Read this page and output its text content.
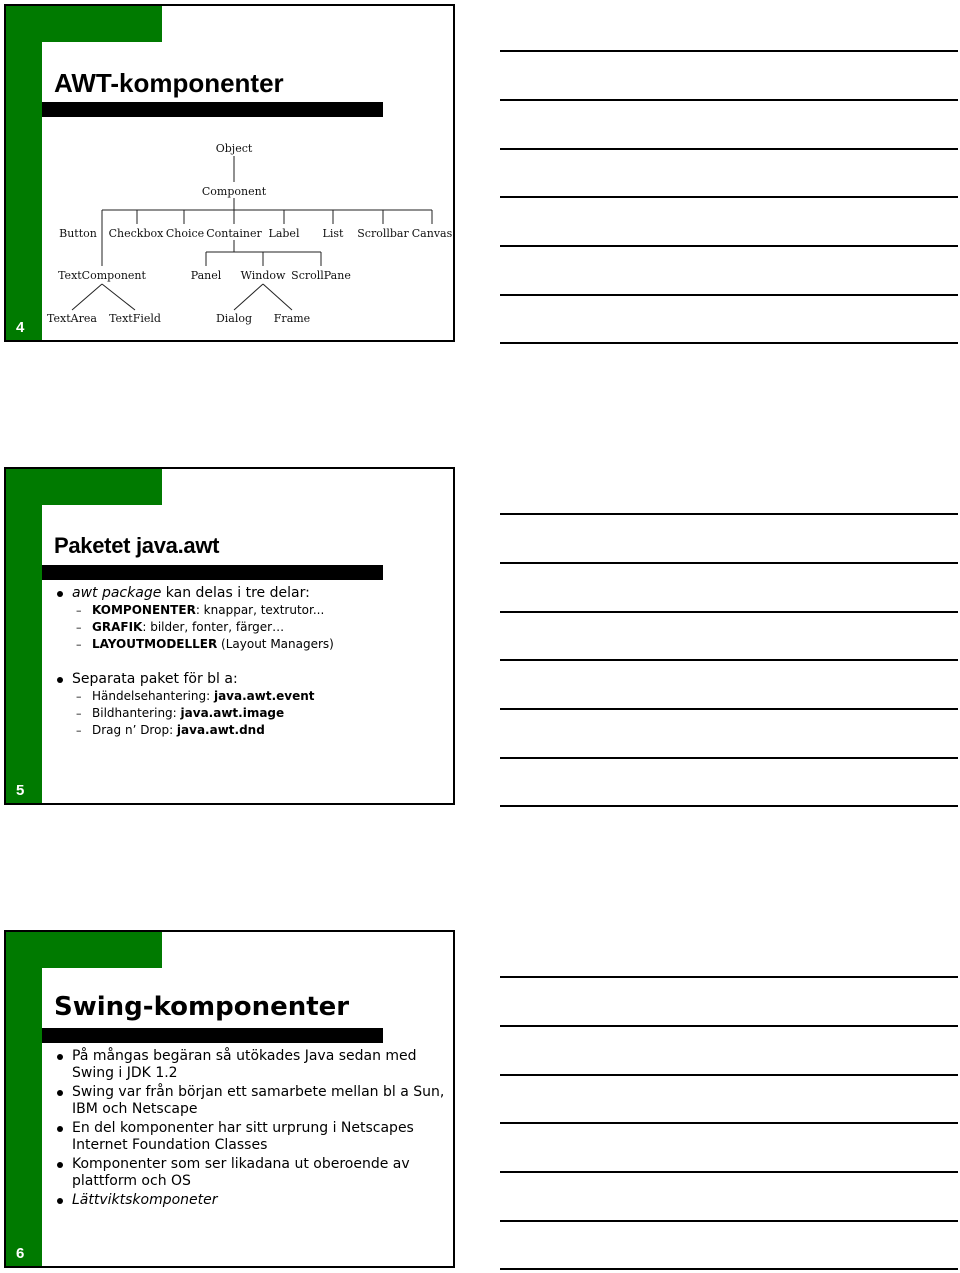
AWT-komponenter
Object
Component
Button Checkbox Choice Container Label List Scrollbar Canvas
TextComponent	Panel Window ScrollPane
TextArea TextField	Dialog Frame
4
Paketet java.awt
awt package kan delas i tre delar:
– KOMPONENTER: knappar, textrutor...
– GRAFIK: bilder, fonter, färger…
– LAYOUTMODELLER (Layout Managers)
Separata paket för bl a:
– Händelsehantering: java.awt.event
– Bildhantering: java.awt.image
– Drag n’ Drop: java.awt.dnd
5
Swing-komponenter
På mångas begäran så utökades Java sedan med Swing i JDK 1.2
Swing var från början ett samarbete mellan bl a Sun, IBM och Netscape
En del komponenter har sitt urprung i Netscapes Internet Foundation Classes
Komponenter som ser likadana ut oberoende av plattform och OS
Lättviktskomponeter
6
